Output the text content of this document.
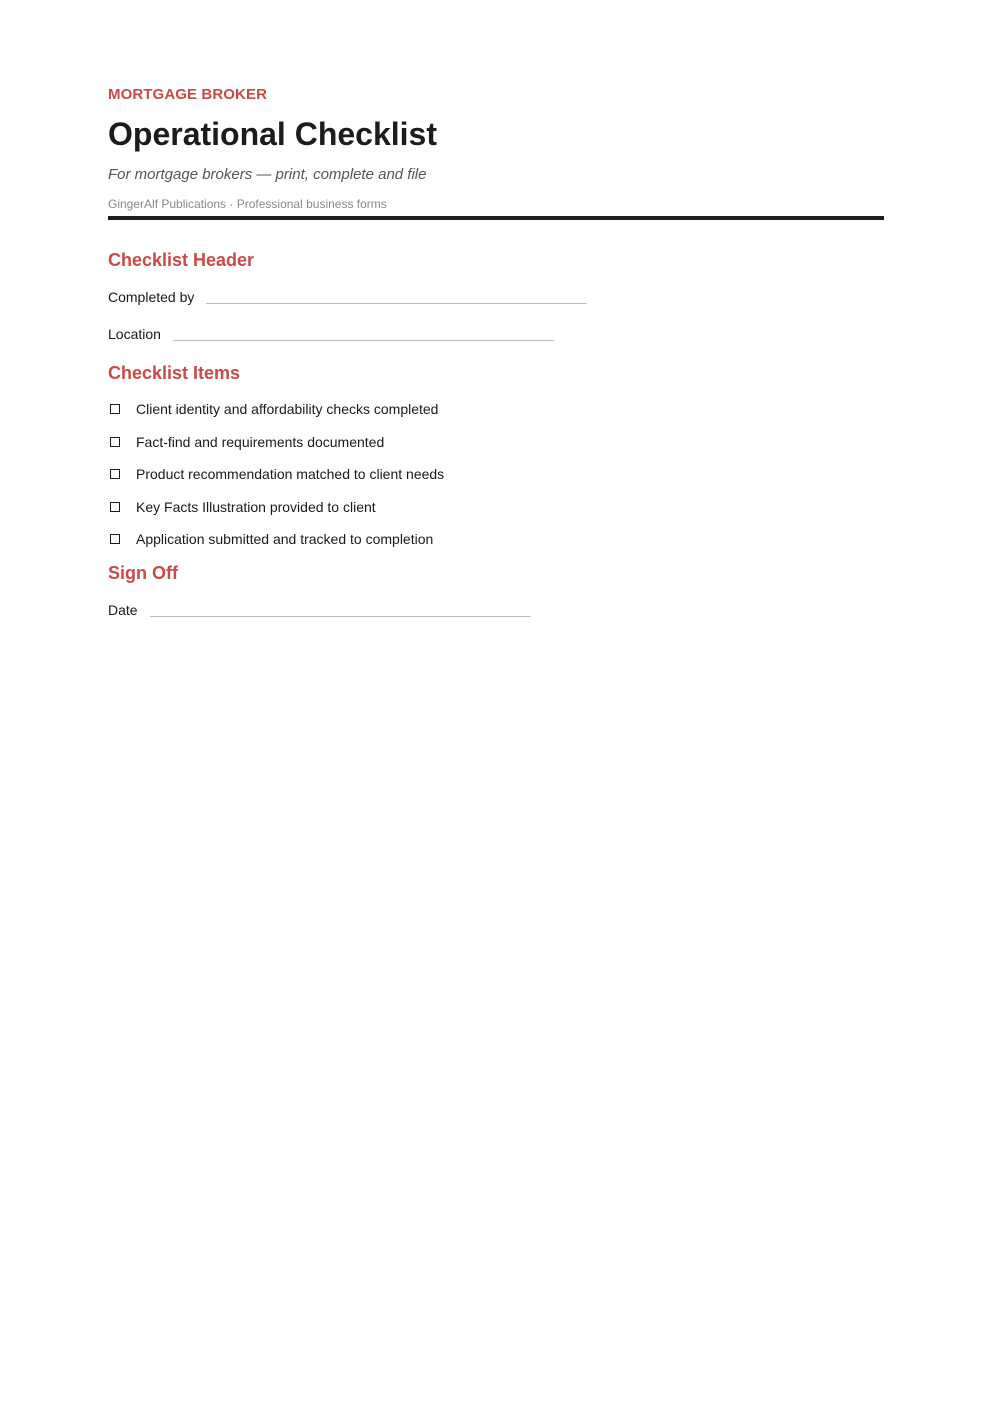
MORTGAGE BROKER
Operational Checklist
For mortgage brokers — print, complete and file
GingerAlf Publications · Professional business forms
Checklist Header
Completed by
Location
Checklist Items
Client identity and affordability checks completed
Fact-find and requirements documented
Product recommendation matched to client needs
Key Facts Illustration provided to client
Application submitted and tracked to completion
Sign Off
Date
